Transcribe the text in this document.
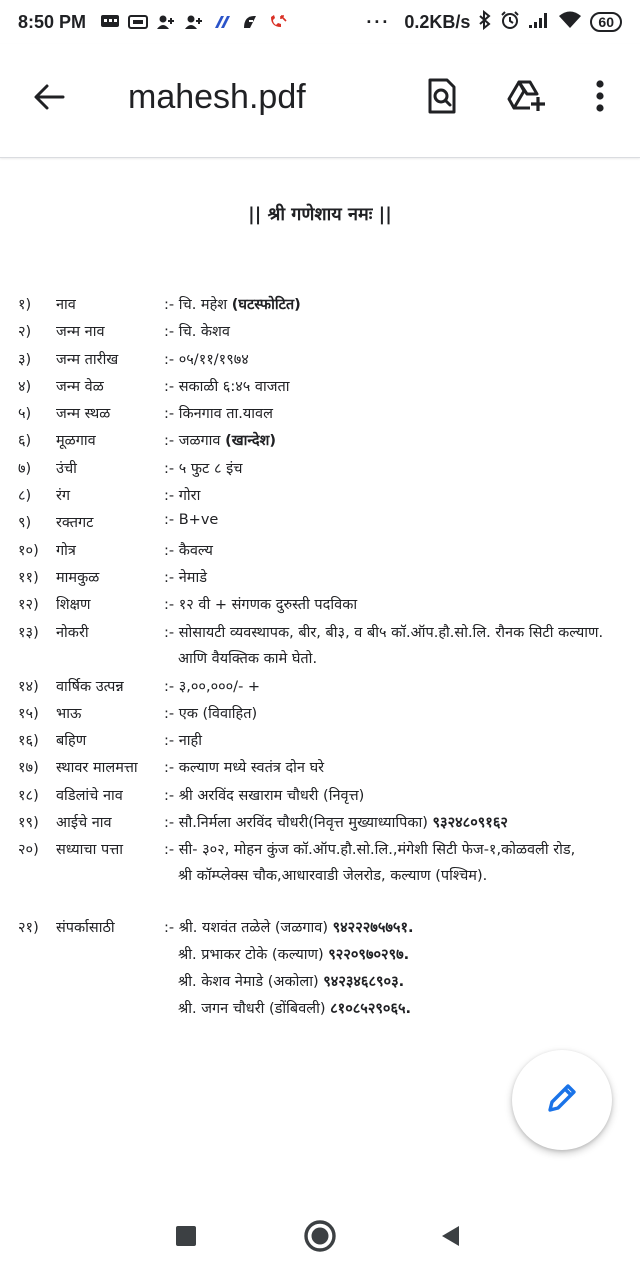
8:50 PM	··· 0.2KB/s	60
mahesh.pdf
|| श्री गणेशाय नमः ||
१) नाव	:- चि. महेश (घटस्फोटित)
२) जन्म नाव	:- चि. केशव
३) जन्म तारीख	:- ०५/११/१९७४
४) जन्म वेळ	:- सकाळी ६:४५ वाजता
५) जन्म स्थळ	:- किनगाव ता.यावल
६) मूळगाव	:- जळगाव (खान्देश)
७) उंची	:- ५ फुट ८ इंच
८) रंग	:- गोरा
९) रक्तगट	:- B+ve
१०) गोत्र	:- कैवल्य
११) मामकुळ	:- नेमाडे
१२) शिक्षण	:- १२ वी + संगणक दुरुस्ती पदविका
१३) नोकरी	:- सोसायटी व्यवस्थापक, बीर, बी३, व बी५ कॉ.ऑप.हौ.सो.लि. रौनक सिटी कल्याण.
आणि वैयक्तिक कामे घेतो.
१४) वार्षिक उत्पन्न	:- ३,००,०००/- +
१५) भाऊ	:- एक (विवाहित)
१६) बहिण	:- नाही
१७) स्थावर मालमत्ता :- कल्याण मध्ये स्वतंत्र दोन घरे
१८) वडिलांचे नाव	:- श्री अरविंद सखाराम चौधरी (निवृत्त)
१९) आईचे नाव	:- सौ.निर्मला अरविंद चौधरी(निवृत्त मुख्याध्यापिका) ९३२४८०९१६२
२०) सध्याचा पत्ता	:- सी- ३०२, मोहन कुंज कॉ.ऑप.हौ.सो.लि.,मंगेशी सिटी फेज-१,कोळवली रोड,
श्री कॉम्प्लेक्स चौक,आधारवाडी जेलरोड, कल्याण (पश्चिम).
२१) संपर्कासाठी	:- श्री. यशवंत तळेले (जळगाव) ९४२२२७५७५१.
श्री. प्रभाकर टोके (कल्याण) ९२२०९७०२९७.
श्री. केशव नेमाडे (अकोला) ९४२३४६८९०३.
श्री. जगन चौधरी (डोंबिवली) ८१०८५२९०६५.
